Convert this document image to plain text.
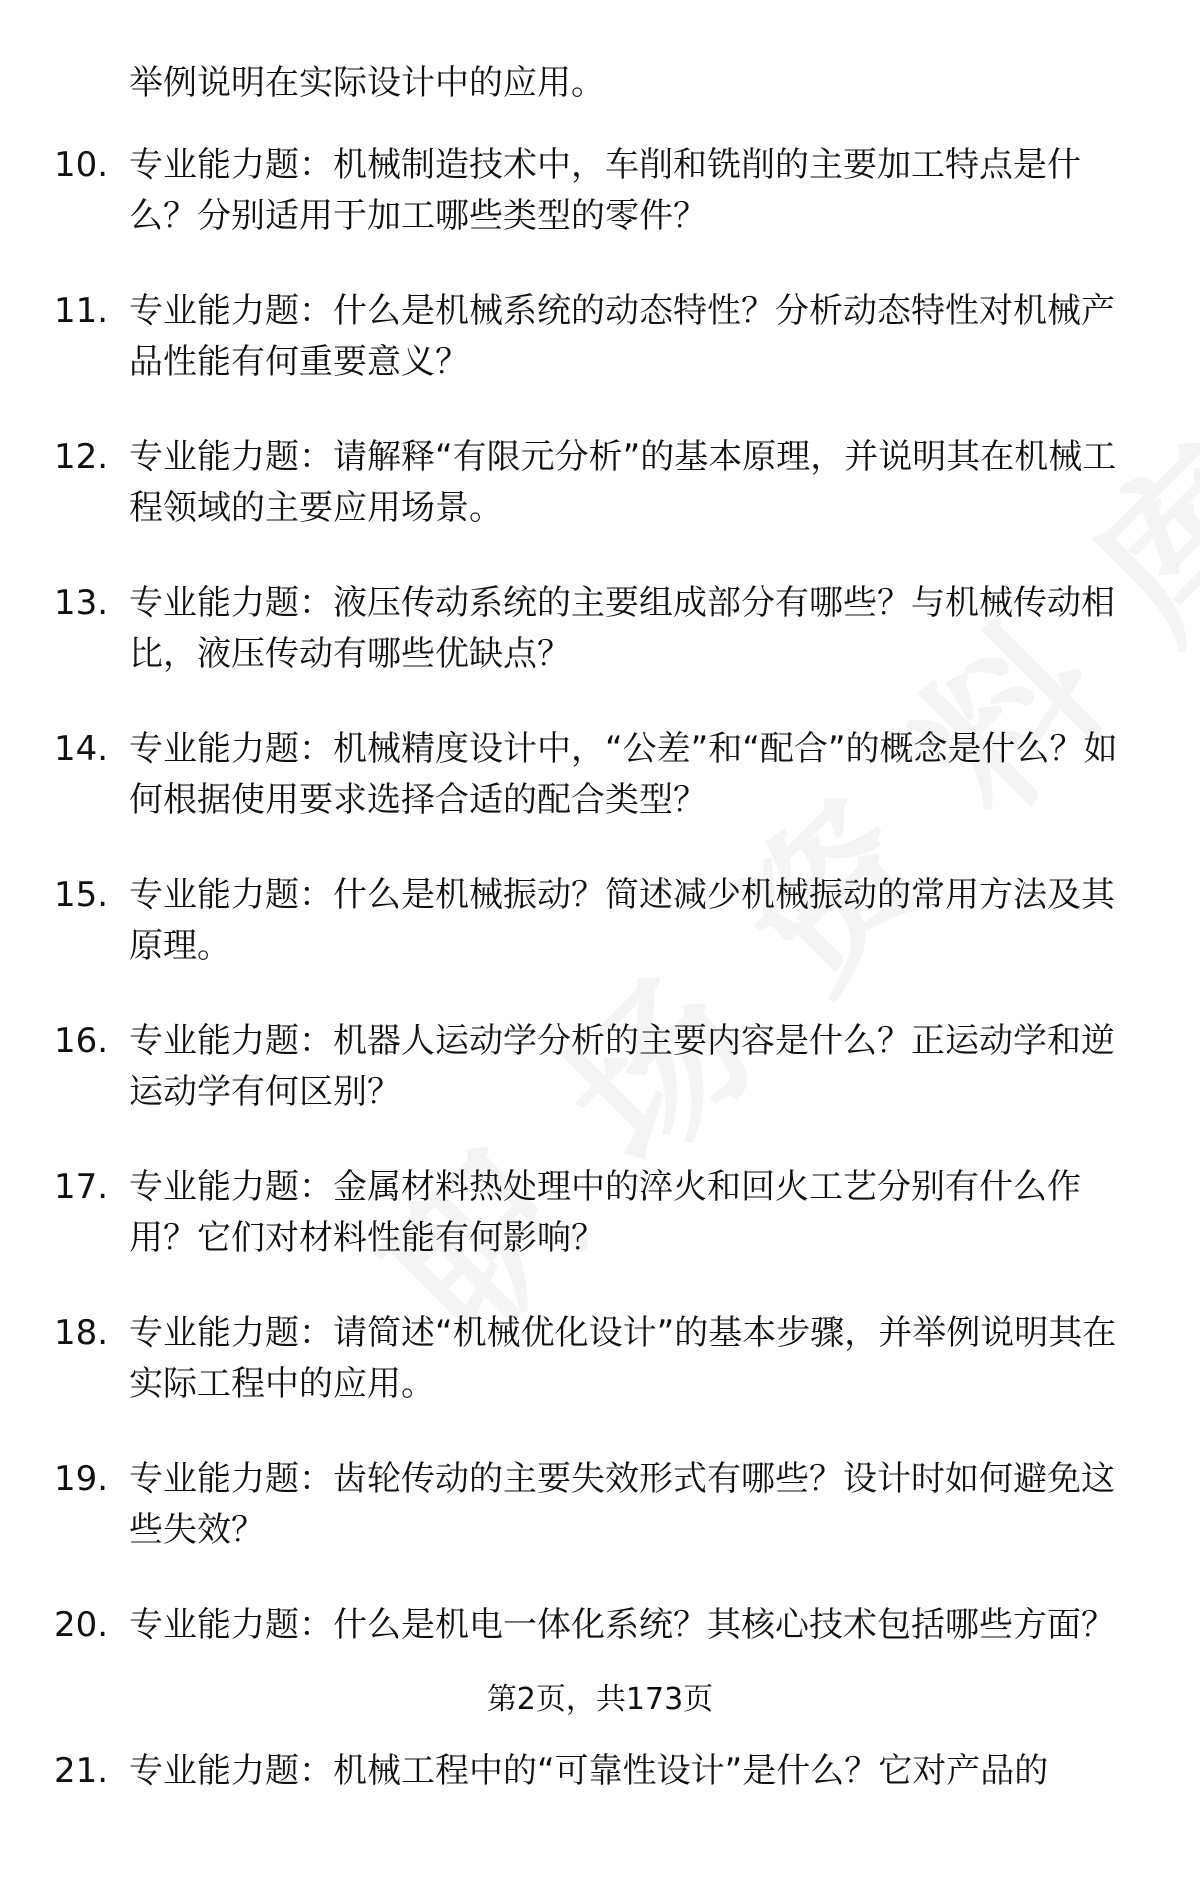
举例说明在实际设计中的应用。
10. 专业能力题：机械制造技术中，车削和铣削的主要加工特点是什么？分别适用于加工哪些类型的零件？
11. 专业能力题：什么是机械系统的动态特性？分析动态特性对机械产品性能有何重要意义？
12. 专业能力题：请解释“有限元分析”的基本原理，并说明其在机械工程领域的主要应用场景。
13. 专业能力题：液压传动系统的主要组成部分有哪些？与机械传动相比，液压传动有哪些优缺点？
14. 专业能力题：机械精度设计中，“公差”和“配合”的概念是什么？如何根据使用要求选择合适的配合类型？
15. 专业能力题：什么是机械振动？简述减少机械振动的常用方法及其原理。
16. 专业能力题：机器人运动学分析的主要内容是什么？正运动学和逆运动学有何区别？
17. 专业能力题：金属材料热处理中的淬火和回火工艺分别有什么作用？它们对材料性能有何影响？
18. 专业能力题：请简述“机械优化设计”的基本步骤，并举例说明其在实际工程中的应用。
19. 专业能力题：齿轮传动的主要失效形式有哪些？设计时如何避免这些失效？
20. 专业能力题：什么是机电一体化系统？其核心技术包括哪些方面？
21. 专业能力题：机械工程中的“可靠性设计”是什么？它对产品的
第2页，共173页
